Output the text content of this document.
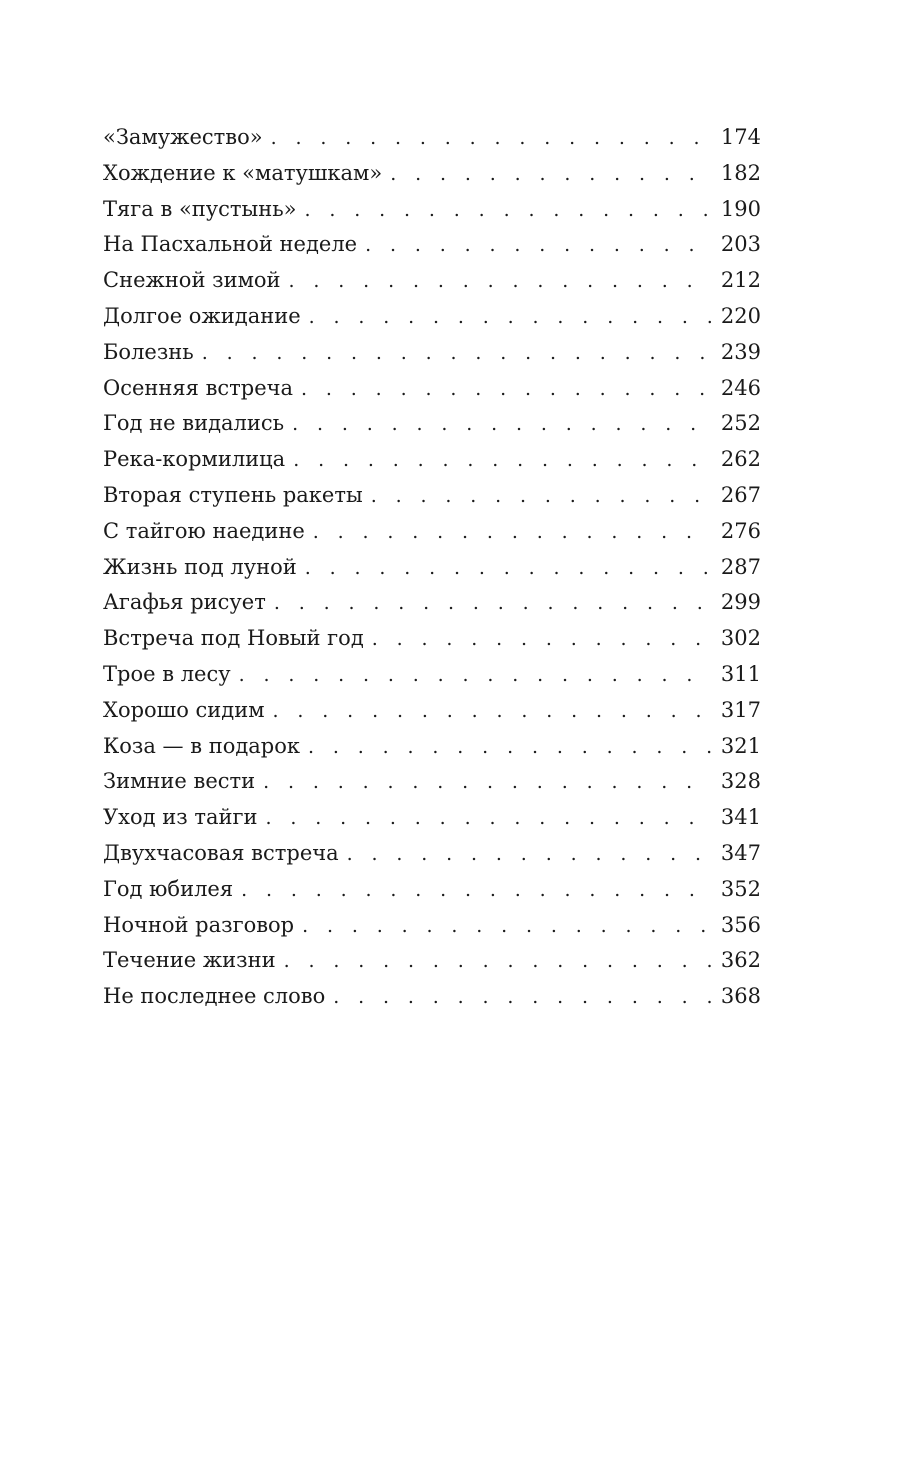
«Замужество» . . .	174
Хождение к «матушкам» . . .	182
Тяга в «пустынь» . . .	190
На Пасхальной неделе . . .	203
Снежной зимой . . .	212
Долгое ожидание . . .	220
Болезнь . . .	239
Осенняя встреча . . .	246
Год не видались . . .	252
Река-кормилица . . .	262
Вторая ступень ракеты . . .	267
С тайгою наедине . . .	276
Жизнь под луной . . .	287
Агафья рисует . . .	299
Встреча под Новый год . . .	302
Трое в лесу . . .	311
Хорошо сидим . . .	317
Коза — в подарок . . .	321
Зимние вести . . .	328
Уход из тайги . . .	341
Двухчасовая встреча . . .	347
Год юбилея . . .	352
Ночной разговор . . .	356
Течение жизни . . .	362
Не последнее слово . . .	368
